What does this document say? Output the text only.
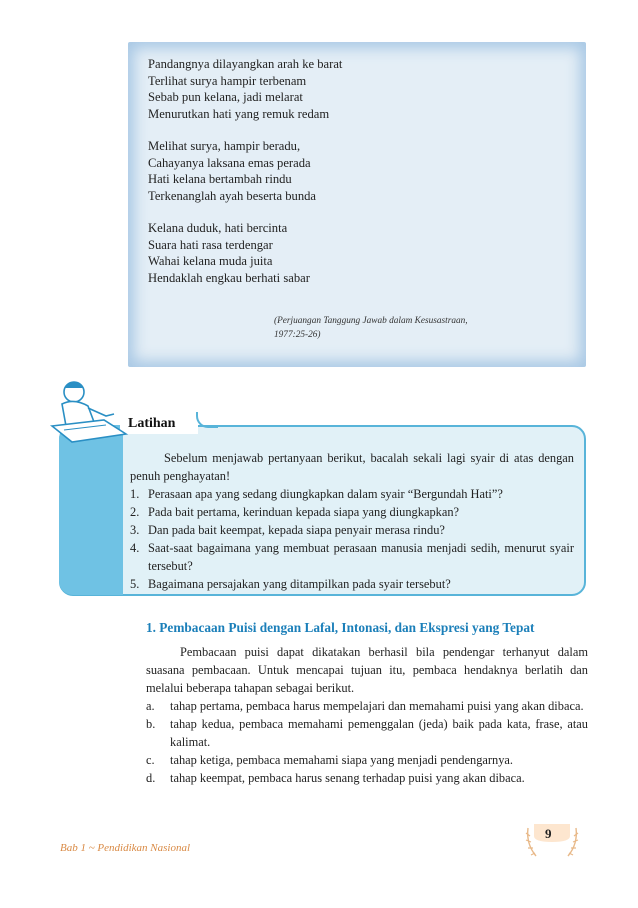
Pandangnya dilayangkan arah ke barat
Terlihat surya hampir terbenam
Sebab pun kelana, jadi melarat
Menurutkan hati yang remuk redam
Melihat surya, hampir beradu,
Cahayanya laksana emas perada
Hati kelana bertambah rindu
Terkenanglah ayah beserta bunda
Kelana duduk, hati bercinta
Suara hati rasa terdengar
Wahai kelana muda juita
Hendaklah engkau berhati sabar
(Perjuangan Tanggung Jawab dalam Kesusastraan,
1977:25-26)
Latihan
Sebelum menjawab pertanyaan berikut, bacalah sekali lagi syair di atas dengan penuh penghayatan!
1. Perasaan apa yang sedang diungkapkan dalam syair “Bergundah Hati”?
2. Pada bait pertama, kerinduan kepada siapa yang diungkapkan?
3. Dan pada bait keempat, kepada siapa penyair merasa rindu?
4. Saat-saat bagaimana yang membuat perasaan manusia menjadi sedih, menurut syair tersebut?
5. Bagaimana persajakan yang ditampilkan pada syair tersebut?
1. Pembacaan Puisi dengan Lafal, Intonasi, dan Ekspresi yang Tepat
Pembacaan puisi dapat dikatakan berhasil bila pendengar terhanyut dalam suasana pembacaan. Untuk mencapai tujuan itu, pembaca hendaknya berlatih dan melalui beberapa tahapan sebagai berikut.
a. tahap pertama, pembaca harus mempelajari dan memahami puisi yang akan dibaca.
b. tahap kedua, pembaca memahami pemenggalan (jeda) baik pada kata, frase, atau kalimat.
c. tahap ketiga, pembaca memahami siapa yang menjadi pendengarnya.
d. tahap keempat, pembaca harus senang terhadap puisi yang akan dibaca.
Bab 1 ~ Pendidikan Nasional
9
